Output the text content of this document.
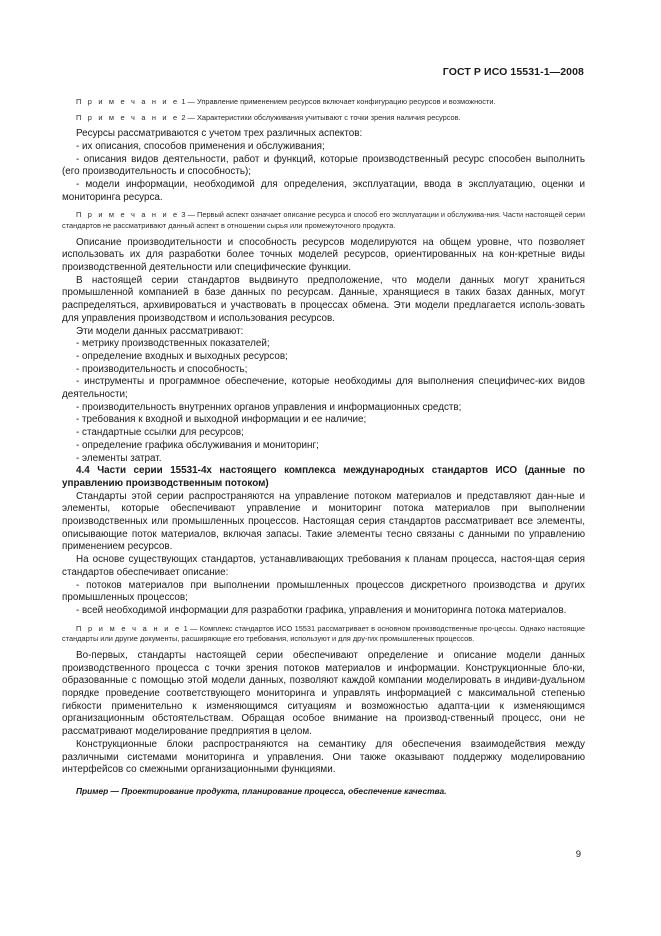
ГОСТ Р ИСО 15531-1—2008

П р и м е ч а н и е 1 — Управление применением ресурсов включает конфигурацию ресурсов и возможности.

П р и м е ч а н и е 2 — Характеристики обслуживания учитывают с точки зрения наличия ресурсов.

Ресурсы рассматриваются с учетом трех различных аспектов:

- их описания, способов применения и обслуживания;

- описания видов деятельности, работ и функций, которые производственный ресурс способен выполнить (его производительность и способность);

- модели информации, необходимой для определения, эксплуатации, ввода в эксплуатацию, оценки и мониторинга ресурса.

П р и м е ч а н и е 3 — Первый аспект означает описание ресурса и способ его эксплуатации и обслужива-ния. Части настоящей серии стандартов не рассматривают данный аспект в отношении сырья или промежуточного продукта.

Описание производительности и способность ресурсов моделируются на общем уровне, что позволяет использовать их для разработки более точных моделей ресурсов, ориентированных на кон-кретные виды производственной деятельности или специфические функции.

В настоящей серии стандартов выдвинуто предположение, что модели данных могут храниться промышленной компанией в базе данных по ресурсам. Данные, хранящиеся в таких базах данных, могут распределяться, архивироваться и участвовать в процессах обмена. Эти модели предлагается исполь-зовать для управления производством и использования ресурсов.

Эти модели данных рассматривают:

- метрику производственных показателей;

- определение входных и выходных ресурсов;

- производительность и способность;

- инструменты и программное обеспечение, которые необходимы для выполнения специфичес-ких видов деятельности;

- производительность внутренних органов управления и информационных средств;

- требования к входной и выходной информации и ее наличие;

- стандартные ссылки для ресурсов;

- определение графика обслуживания и мониторинг;

- элементы затрат.

4.4 Части серии 15531-4х настоящего комплекса международных стандартов ИСО (данные по управлению производственным потоком)

Стандарты этой серии распространяются на управление потоком материалов и представляют дан-ные и элементы, которые обеспечивают управление и мониторинг потока материалов при выполнении производственных или промышленных процессов. Настоящая серия стандартов рассматривает все элементы, описывающие поток материалов, включая запасы. Такие элементы тесно связаны с данными по управлению применением ресурсов.

На основе существующих стандартов, устанавливающих требования к планам процесса, настоя-щая серия стандартов обеспечивает описание:

- потоков материалов при выполнении промышленных процессов дискретного производства и других промышленных процессов;

- всей необходимой информации для разработки графика, управления и мониторинга потока материалов.

П р и м е ч а н и е 1 — Комплекс стандартов ИСО 15531 рассматривает в основном производственные про-цессы. Однако настоящие стандарты или другие документы, расширяющие его требования, используют и для дру-гих промышленных процессов.

Во-первых, стандарты настоящей серии обеспечивают определение и описание модели данных производственного процесса с точки зрения потоков материалов и информации. Конструкционные бло-ки, образованные с помощью этой модели данных, позволяют каждой компании моделировать в индиви-дуальном порядке проведение соответствующего мониторинга и управлять информацией с максимальной степенью гибкости применительно к изменяющимся ситуациям и возможностью адапта-ции к изменяющимся организационным обстоятельствам. Обращая особое внимание на производ-ственный процесс, они не рассматривают моделирование предприятия в целом.

Конструкционные блоки распространяются на семантику для обеспечения взаимодействия между различными системами мониторинга и управления. Они также оказывают поддержку моделированию интерфейсов со смежными организационными функциями.

Пример — Проектирование продукта, планирование процесса, обеспечение качества.

9
